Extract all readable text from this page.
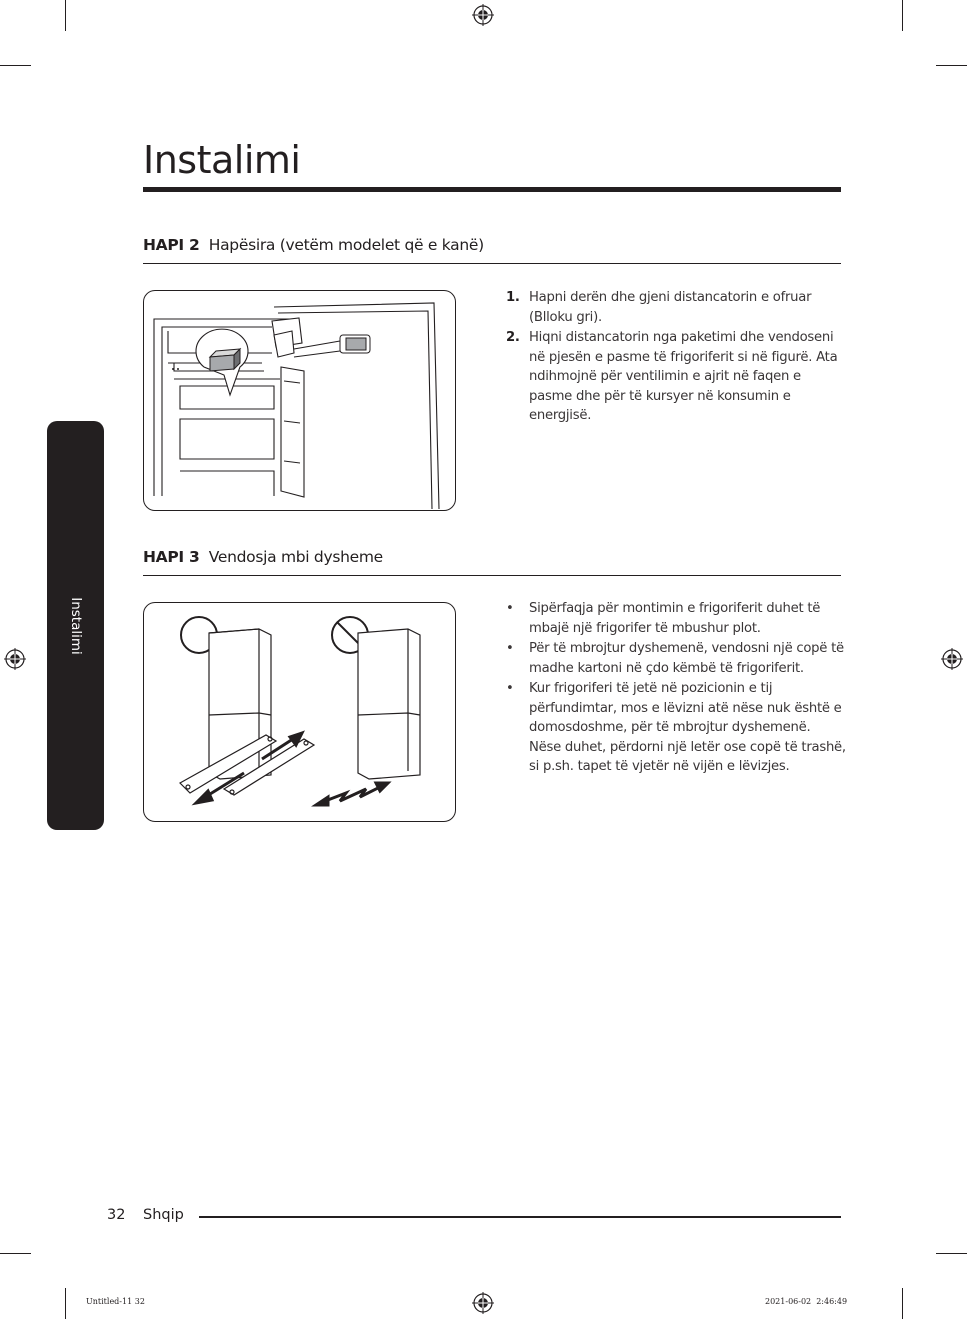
Instalimi
Instalimi
HAPI 2 Hapësira (vetëm modelet që e kanë)
1. Hapni derën dhe gjeni distancatorin e ofruar (Blloku gri).
2. Hiqni distancatorin nga paketimi dhe vendoseni në pjesën e pasme të frigoriferit si në figurë. Ata ndihmojnë për ventilimin e ajrit në faqen e pasme dhe për të kursyer në konsumin e energjisë.
HAPI 3 Vendosja mbi dysheme
• Sipërfaqja për montimin e frigoriferit duhet të mbajë një frigorifer të mbushur plot.
• Për të mbrojtur dyshemenë, vendosni një copë të madhe kartoni në çdo këmbë të frigoriferit.
• Kur frigoriferi të jetë në pozicionin e tij përfundimtar, mos e lëvizni atë nëse nuk është e domosdoshme, për të mbrojtur dyshemenë. Nëse duhet, përdorni një letër ose copë të trashë, si p.sh. tapet të vjetër në vijën e lëvizjes.
32 Shqip
Untitled-11 32	2021-06-02 ￼￼ 2:46:49
